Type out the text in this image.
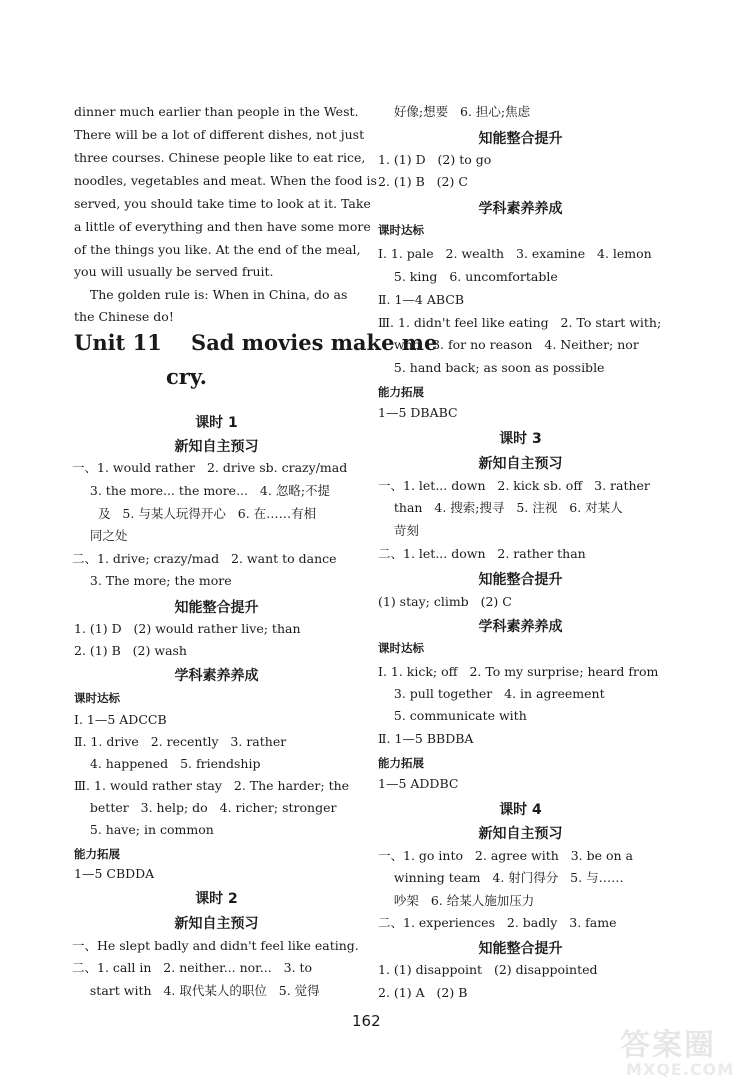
dinner much earlier than people in the West.
There will be a lot of different dishes, not just
three courses. Chinese people like to eat rice,
noodles, vegetables and meat. When the food is
served, you should take time to look at it. Take
a little of everything and then have some more
of the things you like. At the end of the meal,
you will usually be served fruit.
The golden rule is: When in China, do as
the Chinese do!
Unit 11    Sad movies make me
cry.
课时 1
新知自主预习
一、1. would rather   2. drive sb. crazy/mad
3. the more... the more...   4. 忽略;不提
及   5. 与某人玩得开心   6. 在……有相
同之处
二、1. drive; crazy/mad   2. want to dance
3. The more; the more
知能整合提升
1. (1) D   (2) would rather live; than
2. (1) B   (2) wash
学科素养养成
课时达标
Ⅰ. 1—5 ADCCB
Ⅱ. 1. drive   2. recently   3. rather
4. happened   5. friendship
Ⅲ. 1. would rather stay   2. The harder; the
better   3. help; do   4. richer; stronger
5. have; in common
能力拓展
1—5 CBDDA
课时 2
新知自主预习
一、He slept badly and didn't feel like eating.
二、1. call in   2. neither... nor...   3. to
start with   4. 取代某人的职位   5. 觉得
好像;想要   6. 担心;焦虑
知能整合提升
1. (1) D   (2) to go
2. (1) B   (2) C
学科素养养成
课时达标
Ⅰ. 1. pale   2. wealth   3. examine   4. lemon
5. king   6. uncomfortable
Ⅱ. 1—4 ABCB
Ⅲ. 1. didn't feel like eating   2. To start with;
who   3. for no reason   4. Neither; nor
5. hand back; as soon as possible
能力拓展
1—5 DBABC
课时 3
新知自主预习
一、1. let... down   2. kick sb. off   3. rather
than   4. 搜索;搜寻   5. 注视   6. 对某人
苛刻
二、1. let... down   2. rather than
知能整合提升
(1) stay; climb   (2) C
学科素养养成
课时达标
Ⅰ. 1. kick; off   2. To my surprise; heard from
3. pull together   4. in agreement
5. communicate with
Ⅱ. 1—5 BBDBA
能力拓展
1—5 ADDBC
课时 4
新知自主预习
一、1. go into   2. agree with   3. be on a
winning team   4. 射门得分   5. 与……
吵架   6. 给某人施加压力
二、1. experiences   2. badly   3. fame
知能整合提升
1. (1) disappoint   (2) disappointed
2. (1) A   (2) B
162
答案圈
MXQE.COM
